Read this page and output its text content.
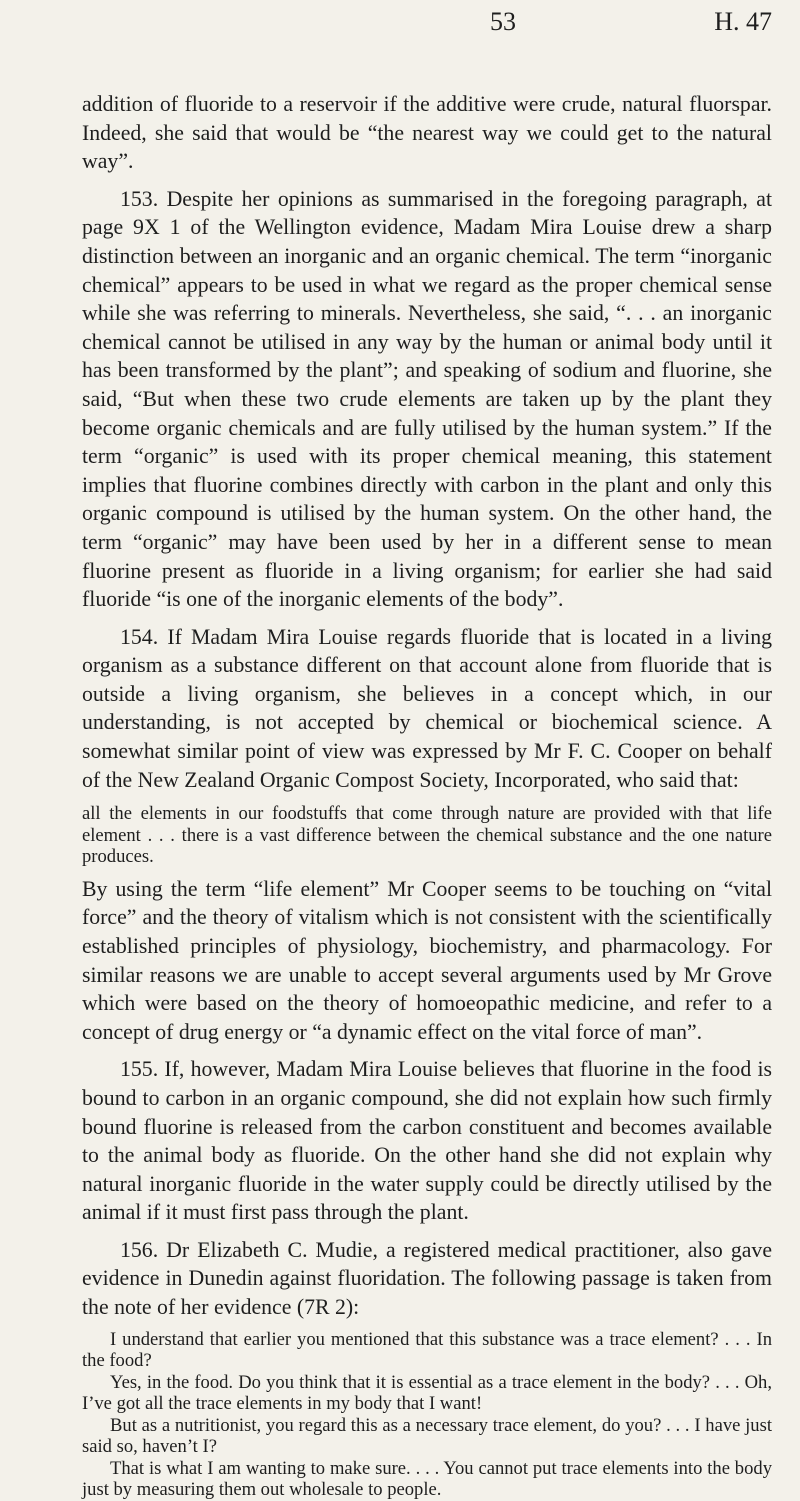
53	H. 47

addition of fluoride to a reservoir if the additive were crude, natural fluorspar. Indeed, she said that would be “the nearest way we could get to the natural way”.

153. Despite her opinions as summarised in the foregoing paragraph, at page 9X 1 of the Wellington evidence, Madam Mira Louise drew a sharp distinction between an inorganic and an organic chemical. The term “inorganic chemical” appears to be used in what we regard as the proper chemical sense while she was referring to minerals. Nevertheless, she said, “. . . an inorganic chemical cannot be utilised in any way by the human or animal body until it has been transformed by the plant”; and speaking of sodium and fluorine, she said, “But when these two crude elements are taken up by the plant they become organic chemicals and are fully utilised by the human system.” If the term “organic” is used with its proper chemical meaning, this statement implies that fluorine combines directly with carbon in the plant and only this organic compound is utilised by the human system. On the other hand, the term “organic” may have been used by her in a different sense to mean fluorine present as fluoride in a living organism; for earlier she had said fluoride “is one of the inorganic elements of the body”.

154. If Madam Mira Louise regards fluoride that is located in a living organism as a substance different on that account alone from fluoride that is outside a living organism, she believes in a concept which, in our understanding, is not accepted by chemical or biochemical science. A somewhat similar point of view was expressed by Mr F. C. Cooper on behalf of the New Zealand Organic Compost Society, Incorporated, who said that:

all the elements in our foodstuffs that come through nature are provided with that life element . . . there is a vast difference between the chemical substance and the one nature produces.

By using the term “life element” Mr Cooper seems to be touching on “vital force” and the theory of vitalism which is not consistent with the scientifically established principles of physiology, biochemistry, and pharmacology. For similar reasons we are unable to accept several arguments used by Mr Grove which were based on the theory of homoeopathic medicine, and refer to a concept of drug energy or “a dynamic effect on the vital force of man”.

155. If, however, Madam Mira Louise believes that fluorine in the food is bound to carbon in an organic compound, she did not explain how such firmly bound fluorine is released from the carbon constituent and becomes available to the animal body as fluoride. On the other hand she did not explain why natural inorganic fluoride in the water supply could be directly utilised by the animal if it must first pass through the plant.

156. Dr Elizabeth C. Mudie, a registered medical practitioner, also gave evidence in Dunedin against fluoridation. The following passage is taken from the note of her evidence (7R 2):

I understand that earlier you mentioned that this substance was a trace element? . . . In the food?

Yes, in the food. Do you think that it is essential as a trace element in the body? . . . Oh, I’ve got all the trace elements in my body that I want!

But as a nutritionist, you regard this as a necessary trace element, do you? . . . I have just said so, haven’t I?

That is what I am wanting to make sure. . . . You cannot put trace elements into the body just by measuring them out wholesale to people.
